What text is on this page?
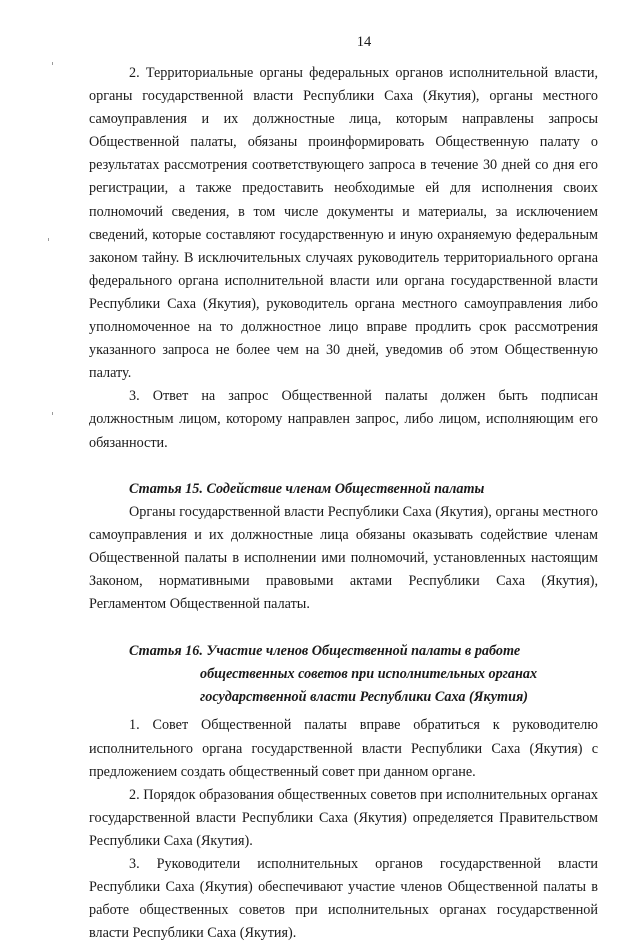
14

2. Территориальные органы федеральных органов исполнительной власти, органы государственной власти Республики Саха (Якутия), органы местного самоуправления и их должностные лица, которым направлены запросы Общественной палаты, обязаны проинформировать Общественную палату о результатах рассмотрения соответствующего запроса в течение 30 дней со дня его регистрации, а также предоставить необходимые ей для исполнения своих полномочий сведения, в том числе документы и материалы, за исключением сведений, которые составляют государственную и иную охраняемую федеральным законом тайну. В исключительных случаях руководитель территориального органа федерального органа исполнительной власти или органа государственной власти Республики Саха (Якутия), руководитель органа местного самоуправления либо уполномоченное на то должностное лицо вправе продлить срок рассмотрения указанного запроса не более чем на 30 дней, уведомив об этом Общественную палату.

3. Ответ на запрос Общественной палаты должен быть подписан должностным лицом, которому направлен запрос, либо лицом, исполняющим его обязанности.

Статья 15. Содействие членам Общественной палаты

Органы государственной власти Республики Саха (Якутия), органы местного самоуправления и их должностные лица обязаны оказывать содействие членам Общественной палаты в исполнении ими полномочий, установленных настоящим Законом, нормативными правовыми актами Республики Саха (Якутия), Регламентом Общественной палаты.

Статья 16. Участие членов Общественной палаты в работе
общественных советов при исполнительных органах
государственной власти Республики Саха (Якутия)

1. Совет Общественной палаты вправе обратиться к руководителю исполнительного органа государственной власти Республики Саха (Якутия) с предложением создать общественный совет при данном органе.

2. Порядок образования общественных советов при исполнительных органах государственной власти Республики Саха (Якутия) определяется Правительством Республики Саха (Якутия).

3. Руководители исполнительных органов государственной власти Республики Саха (Якутия) обеспечивают участие членов Общественной палаты в работе общественных советов при исполнительных органах государственной власти Республики Саха (Якутия).
